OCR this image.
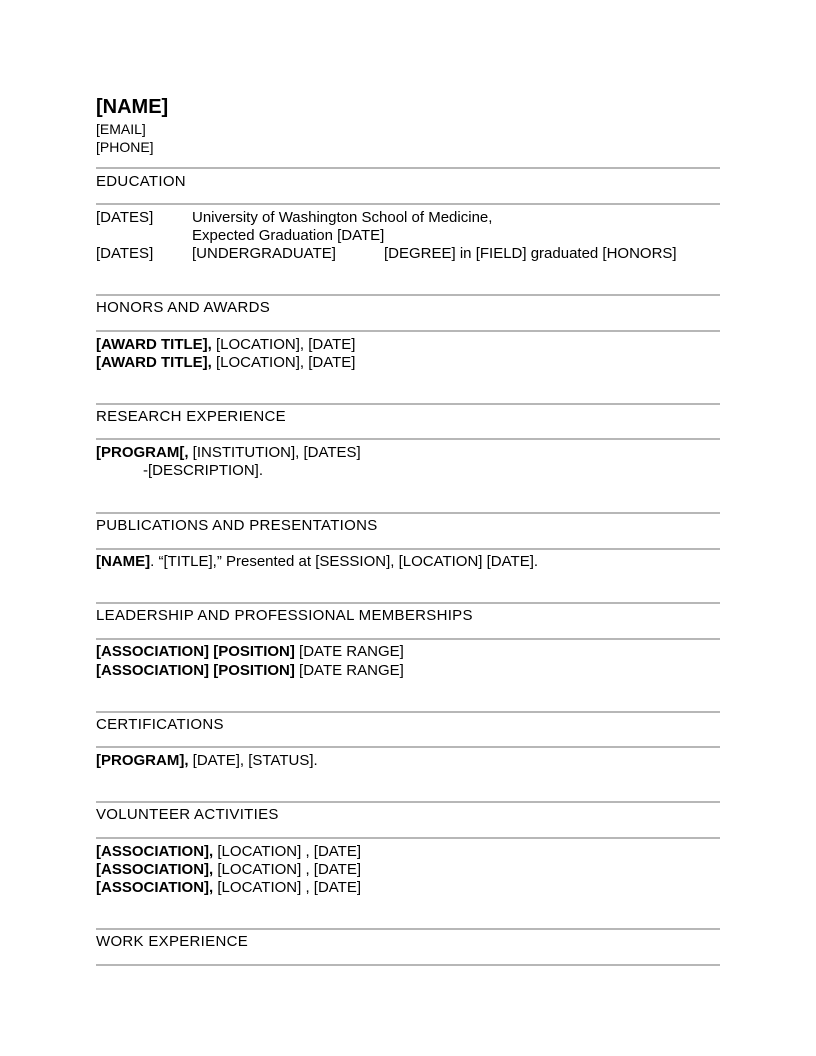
[NAME]
[EMAIL]
[PHONE]
EDUCATION
[DATES]	University of Washington School of Medicine,
Expected Graduation [DATE]
[DATES]	[UNDERGRADUATE]	[DEGREE] in [FIELD] graduated [HONORS]
HONORS AND AWARDS
[AWARD TITLE], [LOCATION], [DATE]
[AWARD TITLE], [LOCATION], [DATE]
RESEARCH EXPERIENCE
[PROGRAM[, [INSTITUTION], [DATES]
-[DESCRIPTION].
PUBLICATIONS AND PRESENTATIONS
[NAME]. “[TITLE],” Presented at [SESSION], [LOCATION] [DATE].
LEADERSHIP AND PROFESSIONAL MEMBERSHIPS
[ASSOCIATION] [POSITION] [DATE RANGE]
[ASSOCIATION] [POSITION] [DATE RANGE]
CERTIFICATIONS
[PROGRAM], [DATE], [STATUS].
VOLUNTEER ACTIVITIES
[ASSOCIATION], [LOCATION] , [DATE]
[ASSOCIATION], [LOCATION] , [DATE]
[ASSOCIATION], [LOCATION] , [DATE]
WORK EXPERIENCE
